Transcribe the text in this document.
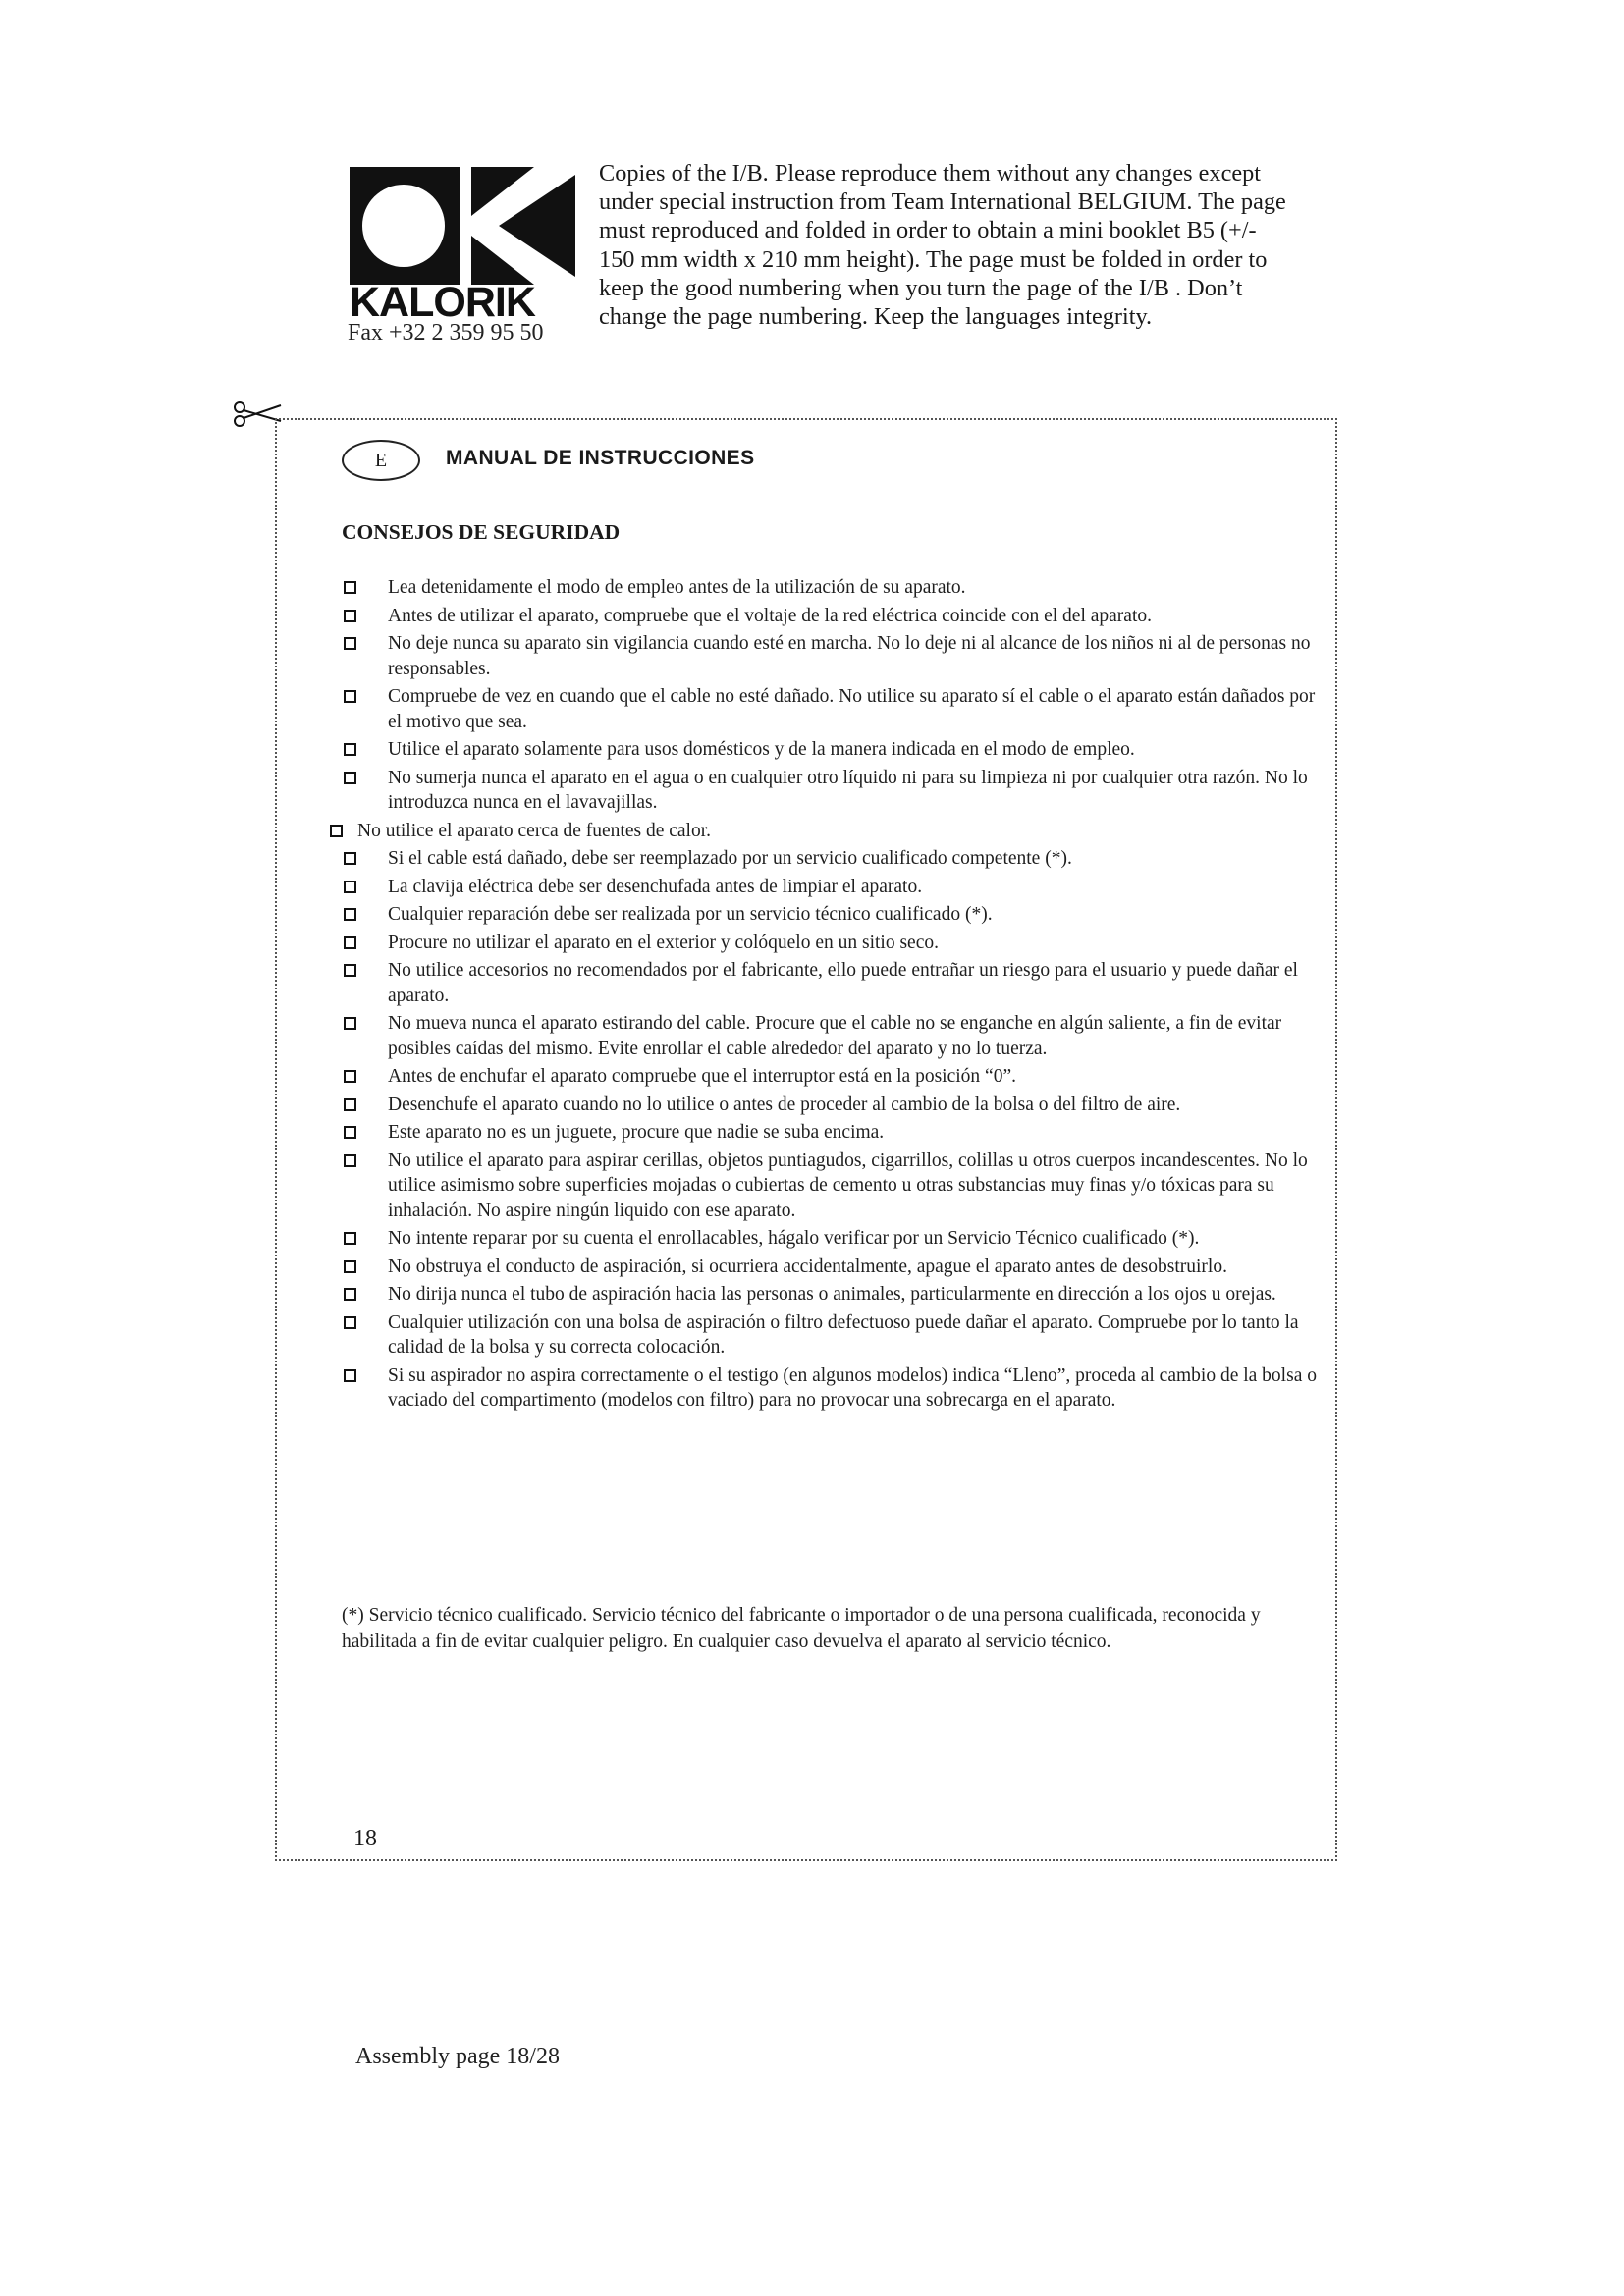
KALORIK
Fax +32 2 359 95 50
Copies of the I/B. Please reproduce them without any changes except under special instruction from Team International BELGIUM. The page must reproduced and folded in order to obtain a mini booklet B5 (+/- 150 mm width x 210 mm height). The page must be folded in order to keep the good numbering when you turn the page of the I/B . Don’t change the page numbering. Keep the languages integrity.
E	MANUAL DE INSTRUCCIONES
CONSEJOS DE SEGURIDAD
Lea detenidamente el modo de empleo antes de la utilización de su aparato.
Antes de utilizar el aparato, compruebe que el voltaje de la red eléctrica coincide con el del aparato.
No deje nunca su aparato sin vigilancia cuando esté en marcha. No lo deje ni al alcance de los niños ni al de personas no responsables.
Compruebe de vez en cuando que el cable no esté dañado. No utilice su aparato sí el cable o el aparato están dañados por el motivo que sea.
Utilice el aparato solamente para usos domésticos y de la manera indicada en el modo de empleo.
No sumerja nunca el aparato en el agua o en cualquier otro líquido ni para su limpieza ni por cualquier otra razón. No lo introduzca nunca en el lavavajillas.
No utilice el aparato cerca de fuentes de calor.
Si el cable está dañado, debe ser reemplazado por un servicio cualificado competente (*).
La clavija eléctrica debe ser desenchufada antes de limpiar el aparato.
Cualquier reparación debe ser realizada por un servicio técnico cualificado (*).
Procure no utilizar el aparato en el exterior y colóquelo en un sitio seco.
No utilice accesorios no recomendados por el fabricante, ello puede entrañar un riesgo para el usuario y puede dañar el aparato.
No mueva nunca el aparato estirando del cable. Procure que el cable no se enganche en algún saliente, a fin de evitar posibles caídas del mismo. Evite enrollar el cable alrededor del aparato y no lo tuerza.
Antes de enchufar el aparato compruebe que el interruptor está en la posición “0”.
Desenchufe el aparato cuando no lo utilice o antes de proceder al cambio de la bolsa o del filtro de aire.
Este aparato no es un juguete, procure que nadie se suba encima.
No utilice el aparato para aspirar cerillas, objetos puntiagudos, cigarrillos, colillas u otros cuerpos incandescentes. No lo utilice asimismo sobre superficies mojadas o cubiertas de cemento u otras substancias muy finas y/o tóxicas para su inhalación. No aspire ningún liquido con ese aparato.
No intente reparar por su cuenta el enrollacables, hágalo verificar por un Servicio Técnico cualificado (*).
No obstruya el conducto de aspiración, si ocurriera accidentalmente, apague el aparato antes de desobstruirlo.
No dirija nunca el tubo de aspiración hacia las personas o animales, particularmente en dirección a los ojos u orejas.
Cualquier utilización con una bolsa de aspiración o filtro defectuoso puede dañar el aparato. Compruebe por lo tanto la calidad de la bolsa y su correcta colocación.
Si su aspirador no aspira correctamente o el testigo (en algunos modelos) indica “Lleno”, proceda al cambio de la bolsa o vaciado del compartimento (modelos con filtro) para no provocar una sobrecarga en el aparato.
(*) Servicio técnico cualificado. Servicio técnico del fabricante o importador o de una persona cualificada, reconocida y habilitada a fin de evitar cualquier peligro. En cualquier caso devuelva el aparato al servicio técnico.
18
Assembly page 18/28
